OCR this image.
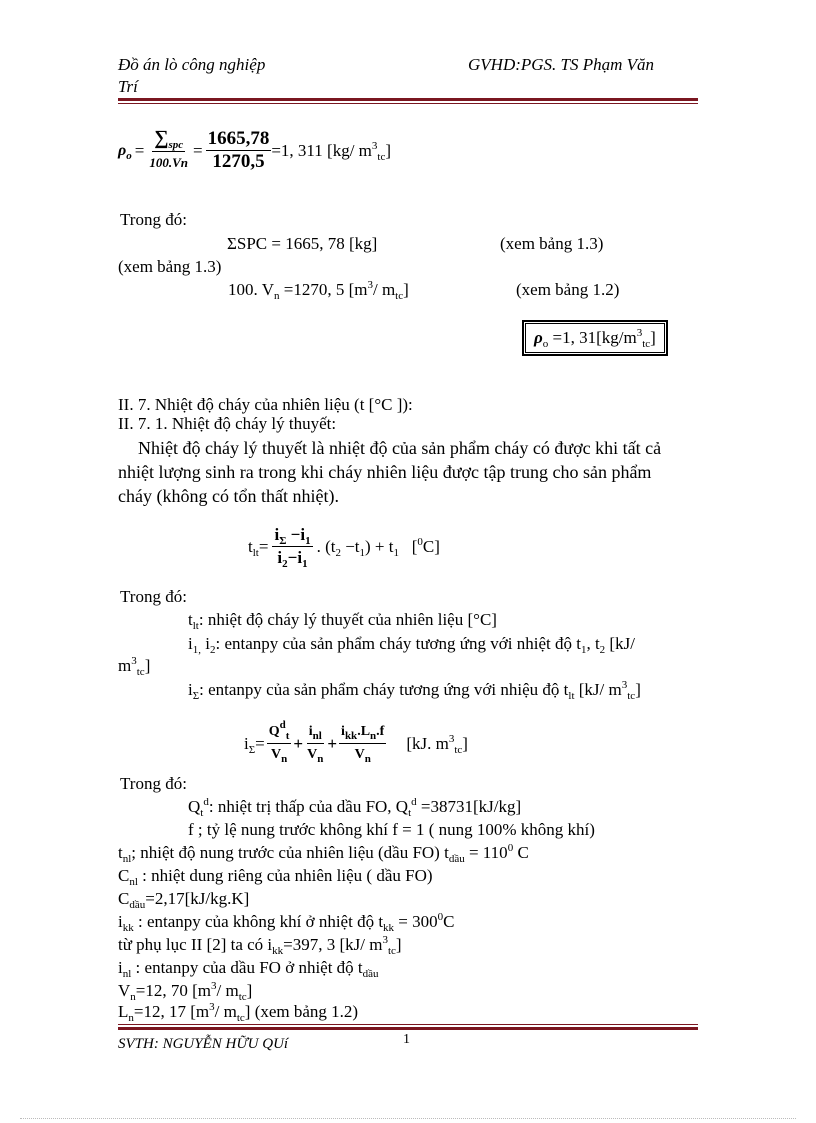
Đồ án lò công nghiệp
Trí
GVHD:PGS. TS Phạm Văn
$\rho_o = \frac{\sum_{spc}}{100.Vn} = \frac{1665,78}{1270,5} =1$, 311 [kg/ $m^3_{tc}$]
Trong đó:
ΣSPC = 1665, 78 [kg]	(xem bảng 1.3)
(xem bảng 1.3)
100. $V_n =1270$, 5 [$m^3/$ $m_{tc}$]	(xem bảng 1.2)
$\rho_o =1$, $31[kg/m^3_{tc}]$
II. 7. Nhiệt độ cháy của nhiên liệu (t [°C ]):
II. 7. 1. Nhiệt độ cháy lý thuyết:
Nhiệt độ cháy lý thuyết là nhiệt độ của sản phẩm cháy có được khi tất cả
nhiệt lượng sinh ra trong khi cháy nhiên liệu được tập trung cho sản phẩm
cháy (không có tổn thất nhiệt).
$t_{lt}= \frac{i_\Sigma -i_1}{i_2-i_1}$ . $(t_2 -t_1) + t_1$ [$^0$C]
Trong đó:
$t_{lt}$: nhiệt độ cháy lý thuyết của nhiên liệu [°C]
$i_{1,}$ $i_2$: entanpy của sản phẩm cháy tương ứng với nhiệt độ $t_1$, $t_2$ [kJ/
$m^3_{tc}$]
$i_\Sigma$: entanpy của sản phẩm cháy tương ứng với nhiệu độ $t_{lt}$ [kJ/ $m^3_{tc}$]
$i_\Sigma= \frac{Q^d_t}{V_n} + \frac{i_{nl}}{V_n} + \frac{i_{kk}.L_n.f}{V_n} [kJ$. $m^3_{tc}$]
Trong đó:
$Q_t^d$: nhiệt trị thấp của dầu FO, $Q_t^d =38731[kJ/kg]$
f ; tỷ lệ nung trước không khí f = 1 ( nung 100% không khí)
$t_{nl}$; nhiệt độ nung trước của nhiên liệu (dầu FO) $t_{dầu} = 110^0$ C
$C_{nl}$ : nhiệt dung riêng của nhiên liệu ( dầu FO)
$C_{dầu}=2,17[kJ/kg.K]$
$i_{kk}$ : entanpy của không khí ở nhiệt độ $t_{kk} = 300^0C$
từ phụ lục II [2] ta có $i_{kk}=397$, 3 [kJ/ $m^3_{tc}$]
$i_{nl}$ : entanpy của dầu FO ở nhiệt độ $t_{dầu}$
$V_n=12$, 70 [$m^3/$ $m_{tc}$]
$L_n=12$, 17 [$m^3/$ $m_{tc}$] (xem bảng 1.2)
SVTH: NGUYỄN HỮU QUí	1
